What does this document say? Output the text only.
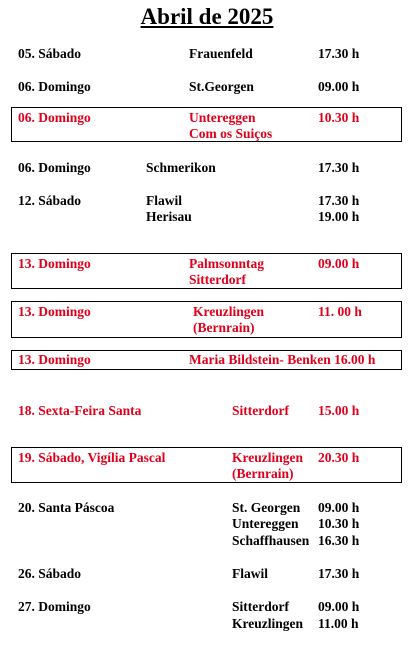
Abril de 2025
05. Sábado	Frauenfeld	17.30 h
06. Domingo	St.Georgen	09.00 h
06. Domingo	Untereggen	10.30 h
Com os Suiços
06. Domingo	Schmerikon	17.30 h
12. Sábado	Flawil	17.30 h
Herisau	19.00 h
13. Domingo	Palmsonntag	09.00 h
Sitterdorf
13. Domingo	Kreuzlingen	11. 00 h
(Bernrain)
13. Domingo	Maria Bildstein- Benken 16.00 h
18. Sexta-Feira Santa	Sitterdorf 15.00 h
19. Sábado, Vigília Pascal	Kreuzlingen 20.30 h
(Bernrain)
20. Santa Páscoa	St. Georgen 09.00 h
Untereggen 10.30 h
Schaffhausen 16.30 h
26. Sábado	Flawil	17.30 h
27. Domingo	Sitterdorf 09.00 h
Kreuzlingen 11.00 h
